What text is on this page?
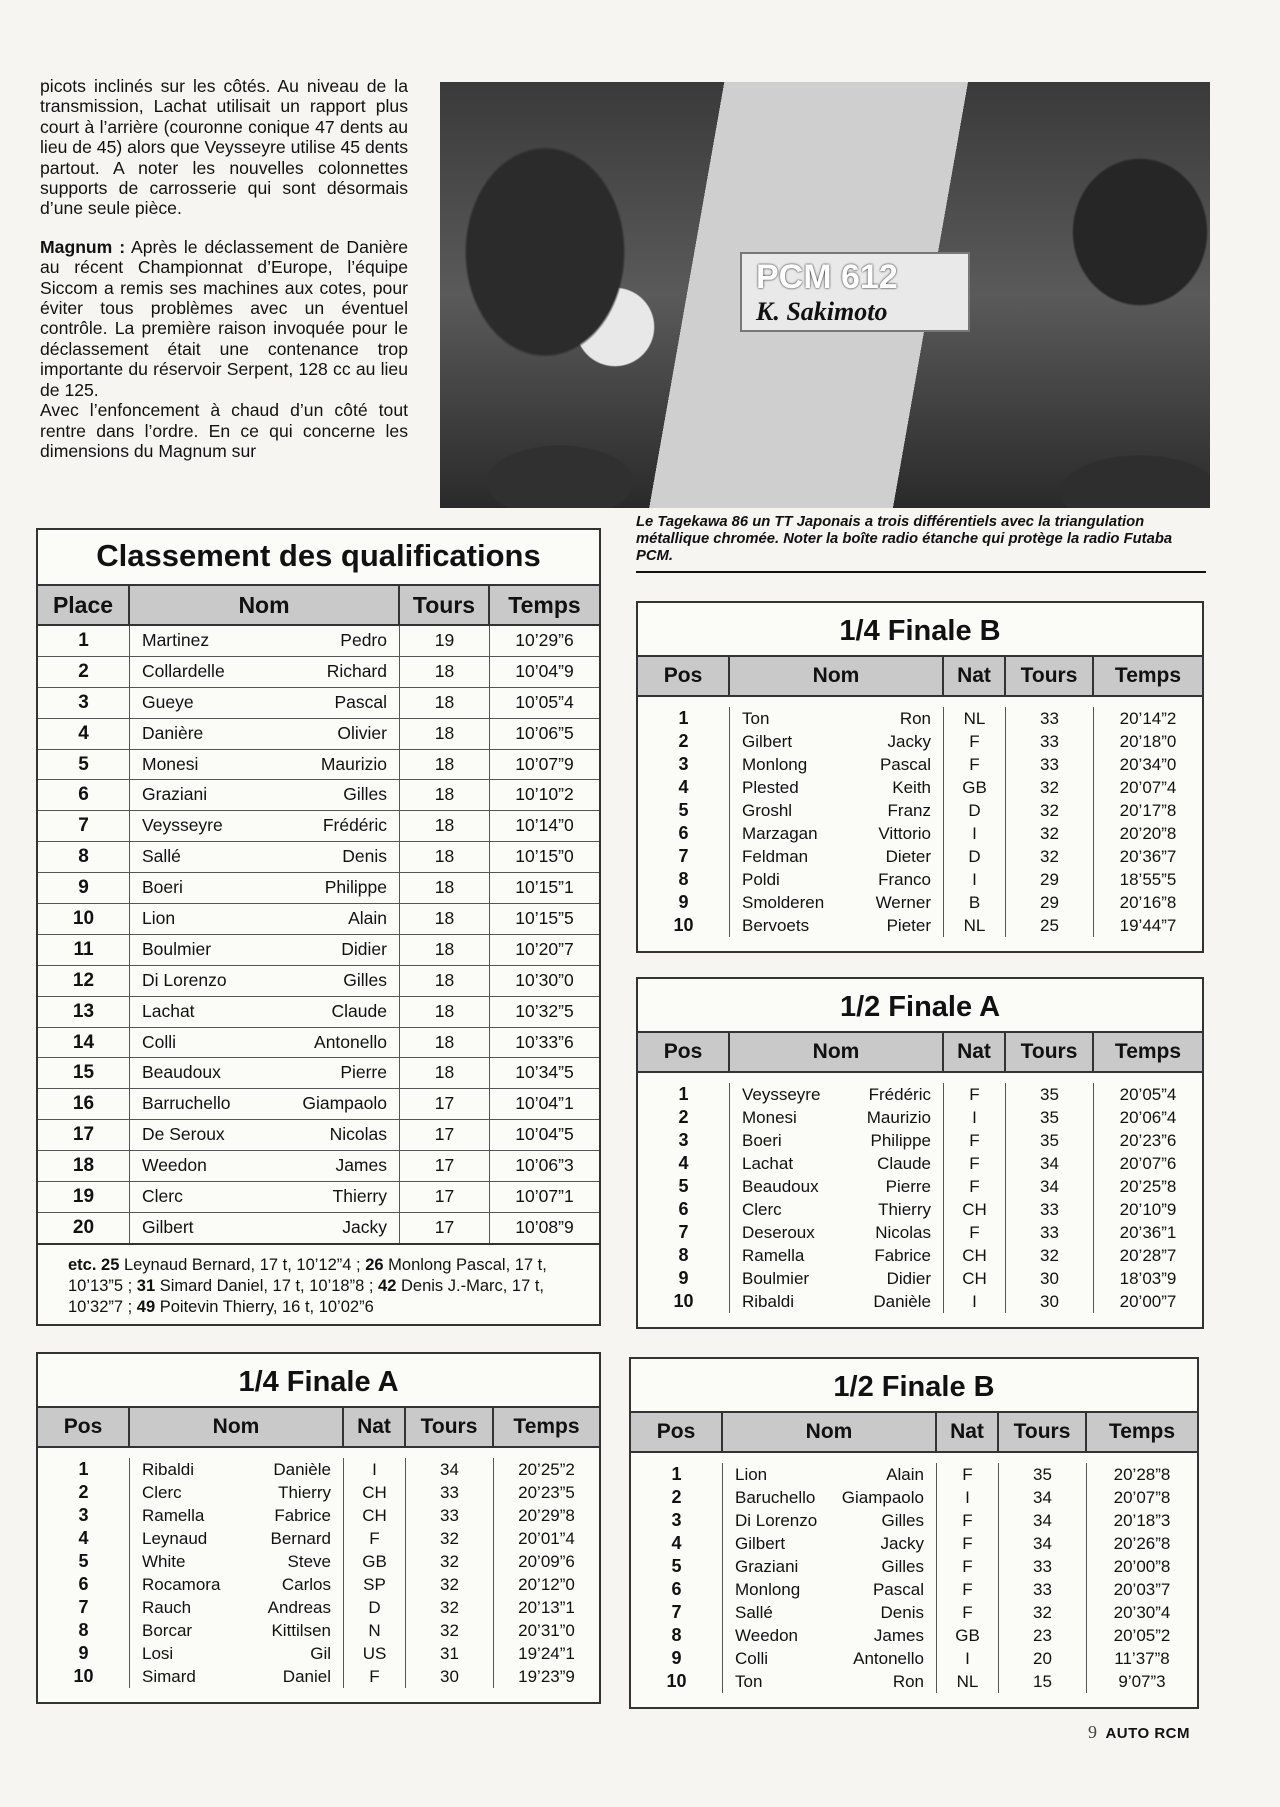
picots inclinés sur les côtés. Au niveau de la transmission, Lachat utilisait un rapport plus court à l’arrière (couronne conique 47 dents au lieu de 45) alors que Veysseyre utilise 45 dents partout. A noter les nouvelles colonnettes supports de carrosserie qui sont désormais d’une seule pièce.

Magnum : Après le déclassement de Danière au récent Championnat d’Europe, l’équipe Siccom a remis ses machines aux cotes, pour éviter tous problèmes avec un éventuel contrôle. La première raison invoquée pour le déclassement était une contenance trop importante du réservoir Serpent, 128 cc au lieu de 125.

Avec l’enfoncement à chaud d’un côté tout rentre dans l’ordre. En ce qui concerne les dimensions du Magnum sur

PCM 612
K. Sakimoto
Le Tagekawa 86 un TT Japonais a trois différentiels avec la triangulation métallique chromée. Noter la boîte radio étanche qui protège la radio Futaba PCM.
Classement des qualifications
Place	Nom	Tours	Temps
1	Martinez	Pedro	19	10’29”6
2	Collardelle	Richard	18	10’04”9
3	Gueye	Pascal	18	10’05”4
4	Danière	Olivier	18	10’06”5
5	Monesi	Maurizio	18	10’07”9
6	Graziani	Gilles	18	10’10”2
7	Veysseyre	Frédéric	18	10’14”0
8	Sallé	Denis	18	10’15”0
9	Boeri	Philippe	18	10’15”1
10	Lion	Alain	18	10’15”5
11	Boulmier	Didier	18	10’20”7
12	Di Lorenzo	Gilles	18	10’30”0
13	Lachat	Claude	18	10’32”5
14	Colli	Antonello	18	10’33”6
15	Beaudoux	Pierre	18	10’34”5
16	Barruchello	Giampaolo	17	10’04”1
17	De Seroux	Nicolas	17	10’04”5
18	Weedon	James	17	10’06”3
19	Clerc	Thierry	17	10’07”1
20	Gilbert	Jacky	17	10’08”9
etc. 25 Leynaud Bernard, 17 t, 10’12”4 ; 26 Monlong Pascal, 17 t, 10’13”5 ; 31 Simard Daniel, 17 t, 10’18”8 ; 42 Denis J.-Marc, 17 t, 10’32”7 ; 49 Poitevin Thierry, 16 t, 10’02”6
1/4 Finale A
Pos	Nom	Nat	Tours	Temps
1	Ribaldi	Danièle	I	34	20’25”2
2	Clerc	Thierry	CH	33	20’23”5
3	Ramella	Fabrice	CH	33	20’29”8
4	Leynaud	Bernard	F	32	20’01”4
5	White	Steve	GB	32	20’09”6
6	Rocamora	Carlos	SP	32	20’12”0
7	Rauch	Andreas	D	32	20’13”1
8	Borcar	Kittilsen	N	32	20’31”0
9	Losi	Gil	US	31	19’24”1
10	Simard	Daniel	F	30	19’23”9
1/4 Finale B
Pos	Nom	Nat	Tours	Temps
1	Ton	Ron	NL	33	20’14”2
2	Gilbert	Jacky	F	33	20’18”0
3	Monlong	Pascal	F	33	20’34”0
4	Plested	Keith	GB	32	20’07”4
5	Groshl	Franz	D	32	20’17”8
6	Marzagan	Vittorio	I	32	20’20”8
7	Feldman	Dieter	D	32	20’36”7
8	Poldi	Franco	I	29	18’55”5
9	Smolderen	Werner	B	29	20’16”8
10	Bervoets	Pieter	NL	25	19’44”7
1/2 Finale A
Pos	Nom	Nat	Tours	Temps
1	Veysseyre	Frédéric	F	35	20’05”4
2	Monesi	Maurizio	I	35	20’06”4
3	Boeri	Philippe	F	35	20’23”6
4	Lachat	Claude	F	34	20’07”6
5	Beaudoux	Pierre	F	34	20’25”8
6	Clerc	Thierry	CH	33	20’10”9
7	Deseroux	Nicolas	F	33	20’36”1
8	Ramella	Fabrice	CH	32	20’28”7
9	Boulmier	Didier	CH	30	18’03”9
10	Ribaldi	Danièle	I	30	20’00”7
1/2 Finale B
Pos	Nom	Nat	Tours	Temps
1	Lion	Alain	F	35	20’28”8
2	Baruchello Giampaolo	I	34	20’07”8
3	Di Lorenzo	Gilles	F	34	20’18”3
4	Gilbert	Jacky	F	34	20’26”8
5	Graziani	Gilles	F	33	20’00”8
6	Monlong	Pascal	F	33	20’03”7
7	Sallé	Denis	F	32	20’30”4
8	Weedon	James	GB	23	20’05”2
9	Colli	Antonello	I	20	11’37”8
10	Ton	Ron	NL	15	9’07”3
9 AUTO RCM
